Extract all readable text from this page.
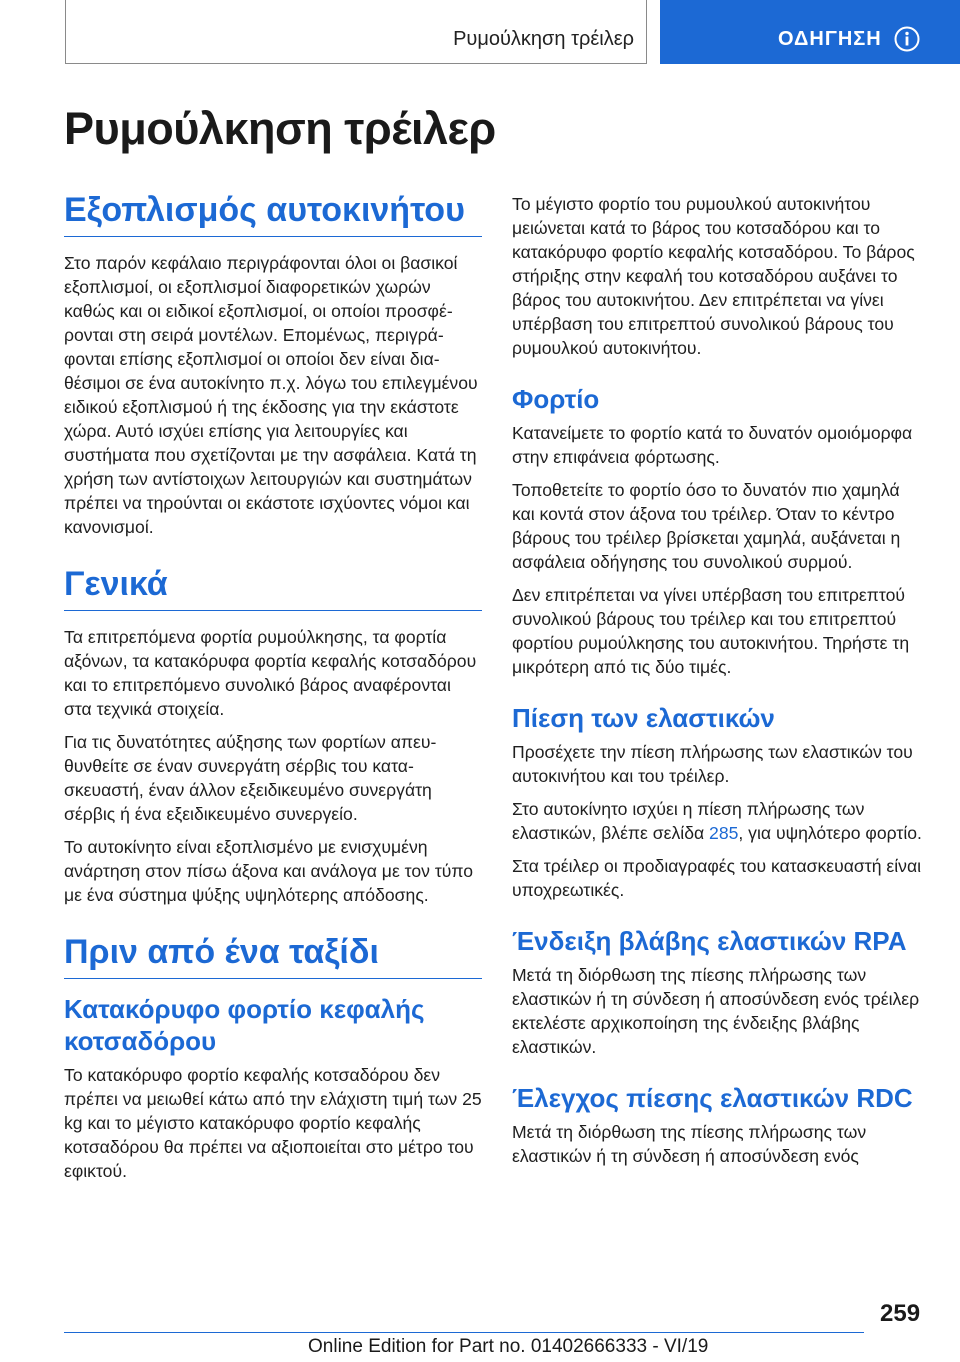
Ρυμούλκηση τρέιλερ	ΟΔΗΓΗΣΗ
Ρυμούλκηση τρέιλερ
Εξοπλισμός αυτοκινήτου

Στο παρόν κεφάλαιο περιγράφονται όλοι οι βασικοί εξοπλισμοί, οι εξοπλισμοί διαφορετικών χωρών καθώς και οι ειδικοί εξοπλισμοί, οι οποίοι προσφέρονται στη σειρά μοντέλων. Επομένως, περιγράφονται επίσης εξοπλισμοί οι οποίοι δεν είναι διαθέσιμοι σε ένα αυτοκίνητο π.χ. λόγω του επιλεγμένου ειδικού εξοπλισμού ή της έκδοσης για την εκάστοτε χώρα. Αυτό ισχύει επίσης για λειτουργίες και συστήματα που σχετίζονται με την ασφάλεια. Κατά τη χρήση των αντίστοιχων λειτουργιών και συστημάτων πρέπει να τηρούνται οι εκάστοτε ισχύοντες νόμοι και κανονισμοί.

Γενικά

Τα επιτρεπόμενα φορτία ρυμούλκησης, τα φορτία αξόνων, τα κατακόρυφα φορτία κεφαλής κοτσαδόρου και το επιτρεπόμενο συνολικό βάρος αναφέρονται στα τεχνικά στοιχεία.

Για τις δυνατότητες αύξησης των φορτίων απευθυνθείτε σε έναν συνεργάτη σέρβις του κατασκευαστή, έναν άλλον εξειδικευμένο συνεργάτη σέρβις ή ένα εξειδικευμένο συνεργείο.

Το αυτοκίνητο είναι εξοπλισμένο με ενισχυμένη ανάρτηση στον πίσω άξονα και ανάλογα με τον τύπο με ένα σύστημα ψύξης υψηλότερης απόδοσης.

Πριν από ένα ταξίδι
Κατακόρυφο φορτίο κεφαλής κοτσαδόρου

Το κατακόρυφο φορτίο κεφαλής κοτσαδόρου δεν πρέπει να μειωθεί κάτω από την ελάχιστη τιμή των 25 kg και το μέγιστο κατακόρυφο φορτίο κεφαλής κοτσαδόρου θα πρέπει να αξιοποιείται στο μέτρο του εφικτού.

Το μέγιστο φορτίο του ρυμουλκού αυτοκινήτου μειώνεται κατά το βάρος του κοτσαδόρου και το κατακόρυφο φορτίο κεφαλής κοτσαδόρου. Το βάρος στήριξης στην κεφαλή του κοτσαδόρου αυξάνει το βάρος του αυτοκινήτου. Δεν επιτρέπεται να γίνει υπέρβαση του επιτρεπτού συνολικού βάρους του ρυμουλκού αυτοκινήτου.

Φορτίο

Κατανείμετε το φορτίο κατά το δυνατόν ομοιόμορφα στην επιφάνεια φόρτωσης.

Τοποθετείτε το φορτίο όσο το δυνατόν πιο χαμηλά και κοντά στον άξονα του τρέιλερ. Όταν το κέντρο βάρους του τρέιλερ βρίσκεται χαμηλά, αυξάνεται η ασφάλεια οδήγησης του συνολικού συρμού.

Δεν επιτρέπεται να γίνει υπέρβαση του επιτρεπτού συνολικού βάρους του τρέιλερ και του επιτρεπτού φορτίου ρυμούλκησης του αυτοκινήτου. Τηρήστε τη μικρότερη από τις δύο τιμές.

Πίεση των ελαστικών

Προσέχετε την πίεση πλήρωσης των ελαστικών του αυτοκινήτου και του τρέιλερ.

Στο αυτοκίνητο ισχύει η πίεση πλήρωσης των ελαστικών, βλέπε σελίδα 285, για υψηλότερο φορτίο.

Στα τρέιλερ οι προδιαγραφές του κατασκευαστή είναι υποχρεωτικές.

Ένδειξη βλάβης ελαστικών RPA

Μετά τη διόρθωση της πίεσης πλήρωσης των ελαστικών ή τη σύνδεση ή αποσύνδεση ενός τρέιλερ εκτελέστε αρχικοποίηση της ένδειξης βλάβης ελαστικών.

Έλεγχος πίεσης ελαστικών RDC

Μετά τη διόρθωση της πίεσης πλήρωσης των ελαστικών ή τη σύνδεση ή αποσύνδεση ενός

259
Online Edition for Part no. 01402666333 - VI/19
